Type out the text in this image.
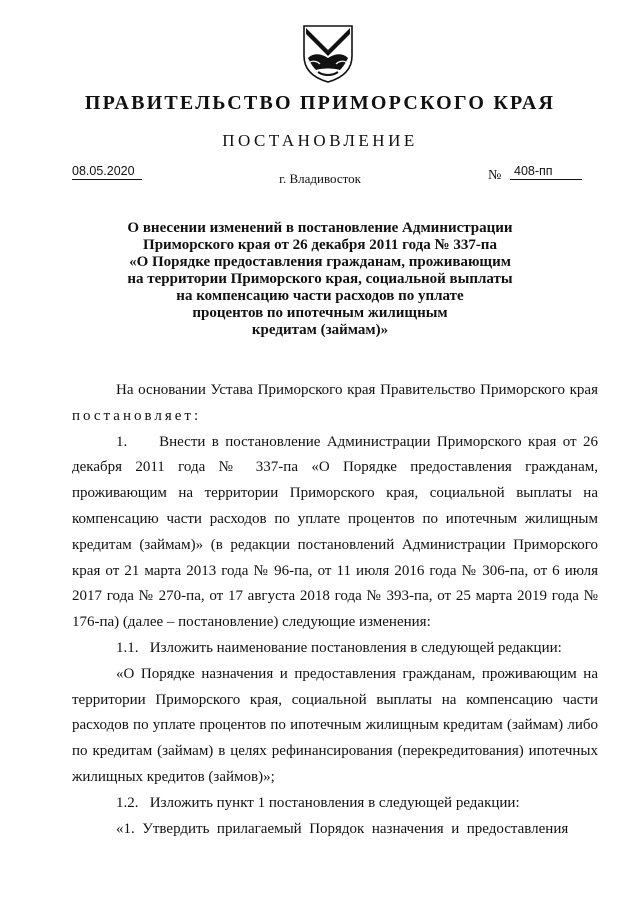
ПРАВИТЕЛЬСТВО ПРИМОРСКОГО КРАЯ
ПОСТАНОВЛЕНИЕ
08.05.2020	г. Владивосток	№	408-пп
О внесении изменений в постановление Администрации
Приморского края от 26 декабря 2011 года № 337-па
«О Порядке предоставления гражданам, проживающим
на территории Приморского края, социальной выплаты
на компенсацию части расходов по уплате
процентов по ипотечным жилищным
кредитам (займам)»

На основании Устава Приморского края Правительство Приморского края постановляет:

1.     Внести в постановление Администрации Приморского края от 26 декабря 2011 года № 337-па «О Порядке предоставления гражданам, проживающим на территории Приморского края, социальной выплаты на компенсацию части расходов по уплате процентов по ипотечным жилищным кредитам (займам)» (в редакции постановлений Администрации Приморского края от 21 марта 2013 года № 96-па, от 11 июля 2016 года № 306-па, от 6 июля 2017 года № 270-па, от 17 августа 2018 года № 393-па, от 25 марта 2019 года № 176-па) (далее – постановление) следующие изменения:

1.1.   Изложить наименование постановления в следующей редакции:

«О Порядке назначения и предоставления гражданам, проживающим на территории Приморского края, социальной выплаты на компенсацию части расходов по уплате процентов по ипотечным жилищным кредитам (займам) либо по кредитам (займам) в целях рефинансирования (перекредитования) ипотечных жилищных кредитов (займов)»;

1.2.   Изложить пункт 1 постановления в следующей редакции:

«1.  Утвердить  прилагаемый  Порядок  назначения  и  предоставления
